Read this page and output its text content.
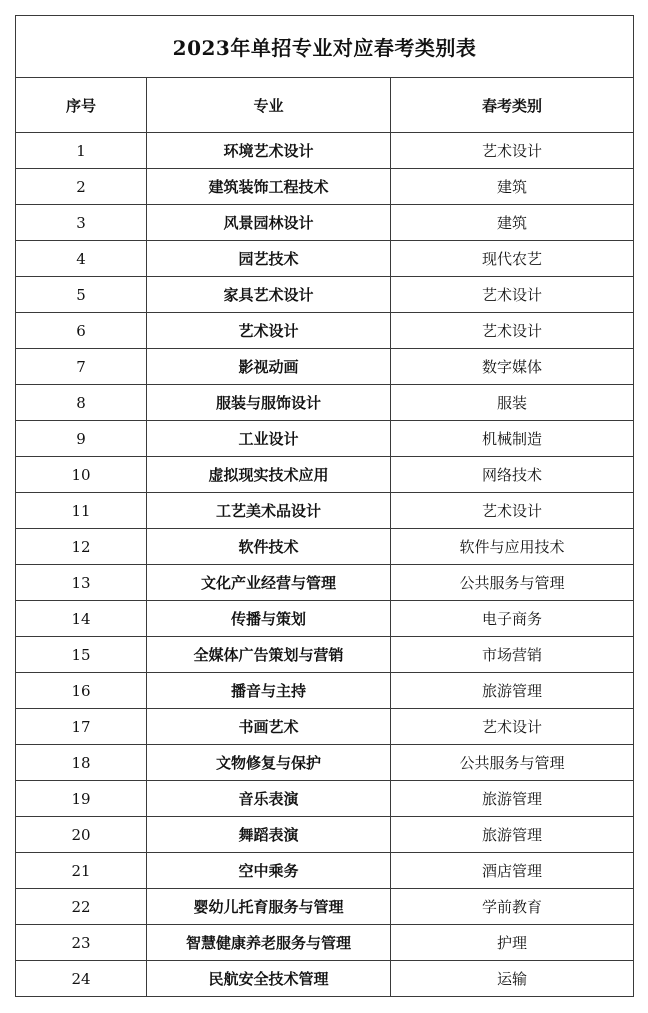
2023年单招专业对应春考类别表		
序号	专业	春考类别
1	环境艺术设计	艺术设计
2	建筑装饰工程技术	建筑
3	风景园林设计	建筑
4	园艺技术	现代农艺
5	家具艺术设计	艺术设计
6	艺术设计	艺术设计
7	影视动画	数字媒体
8	服装与服饰设计	服装
9	工业设计	机械制造
10	虚拟现实技术应用	网络技术
11	工艺美术品设计	艺术设计
12	软件技术	软件与应用技术
13	文化产业经营与管理	公共服务与管理
14	传播与策划	电子商务
15	全媒体广告策划与营销	市场营销
16	播音与主持	旅游管理
17	书画艺术	艺术设计
18	文物修复与保护	公共服务与管理
19	音乐表演	旅游管理
20	舞蹈表演	旅游管理
21	空中乘务	酒店管理
22	婴幼儿托育服务与管理	学前教育
23	智慧健康养老服务与管理	护理
24	民航安全技术管理	运输
